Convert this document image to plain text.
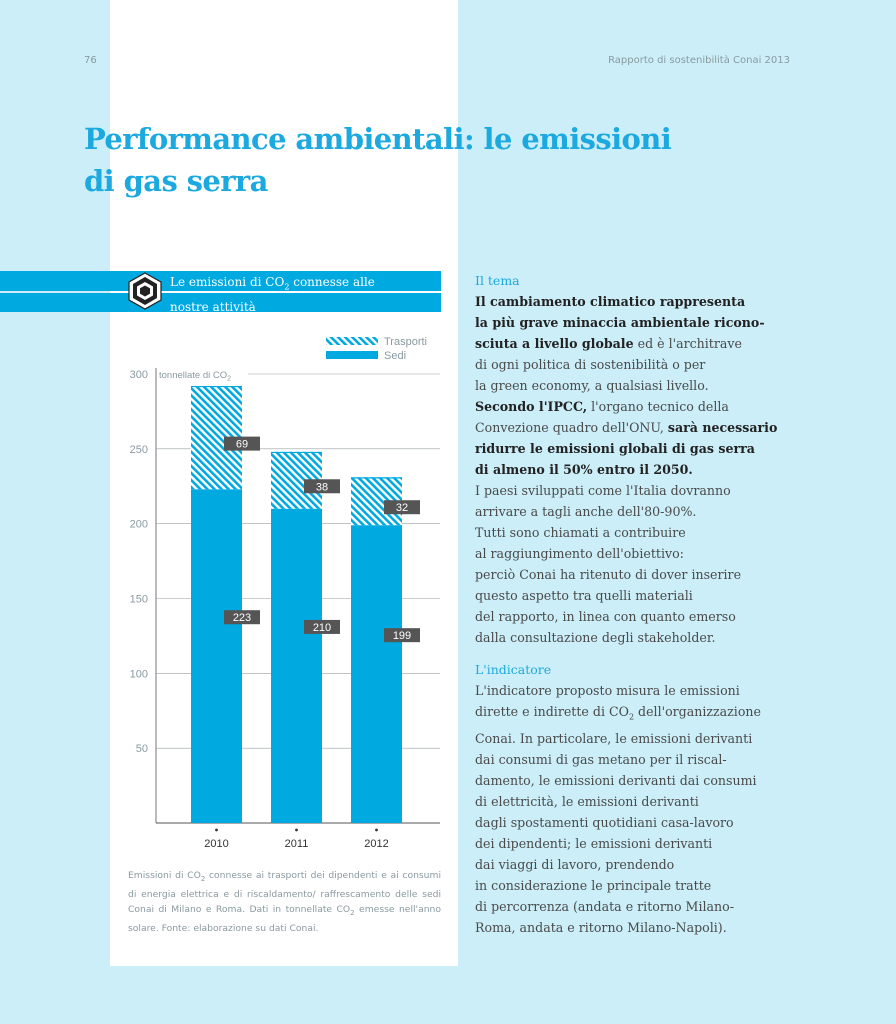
76	Rapporto di sostenibilità Conai 2013
Performance ambientali: le emissioni
di gas serra
Le emissioni di $CO_2$ connesse alle
nostre attività
50
100
150
200
250
300 tonnellate di $CO_2$
223
69
2010
210
38
2011
199
32
2012
Trasporti
Sedi
Emissioni di $CO_2$ connesse ai trasporti dei dipendenti e ai consumi di energia elettrica e di riscaldamento/ raffrescamento delle sedi Conai di Milano e Roma. Dati in tonnellate $CO_2$ emesse nell'anno solare. Fonte: elaborazione su dati Conai.

Il tema

Il cambiamento climatico rappresenta

la più grave minaccia ambientale ricono-

sciuta a livello globale ed è l'architrave

di ogni politica di sostenibilità o per

la green economy, a qualsiasi livello.

Secondo l'IPCC, l'organo tecnico della

Convezione quadro dell'ONU, sarà necessario

ridurre le emissioni globali di gas serra

di almeno il 50% entro il 2050.

I paesi sviluppati come l'Italia dovranno

arrivare a tagli anche dell'80-90%.

Tutti sono chiamati a contribuire

al raggiungimento dell'obiettivo:

perciò Conai ha ritenuto di dover inserire

questo aspetto tra quelli materiali

del rapporto, in linea con quanto emerso

dalla consultazione degli stakeholder.

L'indicatore

L'indicatore proposto misura le emissioni

dirette e indirette di $CO_2$ dell'organizzazione

Conai. In particolare, le emissioni derivanti

dai consumi di gas metano per il riscal-

damento, le emissioni derivanti dai consumi

di elettricità, le emissioni derivanti

dagli spostamenti quotidiani casa-lavoro

dei dipendenti; le emissioni derivanti

dai viaggi di lavoro, prendendo

in considerazione le principale tratte

di percorrenza (andata e ritorno Milano-

Roma, andata e ritorno Milano-Napoli).
